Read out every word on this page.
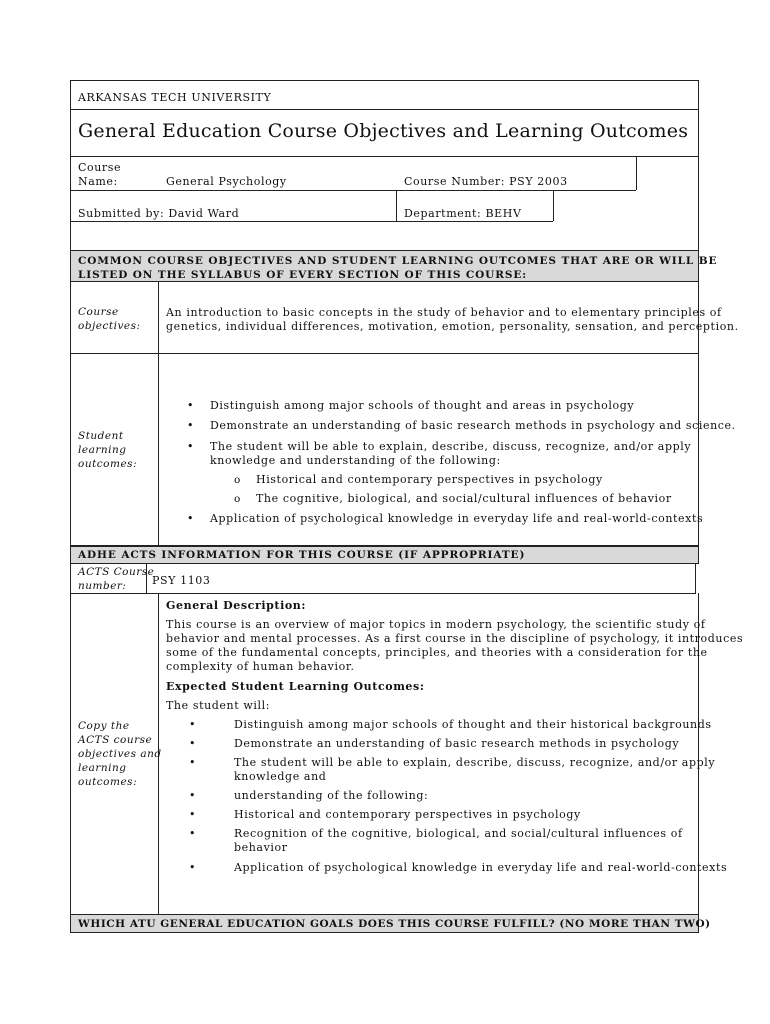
ARKANSAS TECH UNIVERSITY
General Education Course Objectives and Learning Outcomes
Course
Name:	General Psychology	Course Number: PSY 2003
Submitted by: David Ward	Department: BEHV
COMMON COURSE OBJECTIVES AND STUDENT LEARNING OUTCOMES THAT ARE OR WILL BE
LISTED ON THE SYLLABUS OF EVERY SECTION OF THIS COURSE:
Course
objectives:
An introduction to basic concepts in the study of behavior and to elementary principles of
genetics, individual differences, motivation, emotion, personality, sensation, and perception.
Student
learning
outcomes:
• Distinguish among major schools of thought and areas in psychology
• Demonstrate an understanding of basic research methods in psychology and science.
• The student will be able to explain, describe, discuss, recognize, and/or apply
knowledge and understanding of the following:
o Historical and contemporary perspectives in psychology
o The cognitive, biological, and social/cultural influences of behavior
• Application of psychological knowledge in everyday life and real-world-contexts
ADHE ACTS INFORMATION FOR THIS COURSE (IF APPROPRIATE)
ACTS Course
number: PSY 1103
Copy the
ACTS course
objectives and
learning
outcomes:
General Description:
This course is an overview of major topics in modern psychology, the scientific study of
behavior and mental processes. As a first course in the discipline of psychology, it introduces
some of the fundamental concepts, principles, and theories with a consideration for the
complexity of human behavior.
Expected Student Learning Outcomes:
The student will:
•	Distinguish among major schools of thought and their historical backgrounds
•	Demonstrate an understanding of basic research methods in psychology
•	The student will be able to explain, describe, discuss, recognize, and/or apply
knowledge and
•	understanding of the following:
•	Historical and contemporary perspectives in psychology
•	Recognition of the cognitive, biological, and social/cultural influences of
behavior
•	Application of psychological knowledge in everyday life and real-world-contexts
WHICH ATU GENERAL EDUCATION GOALS DOES THIS COURSE FULFILL? (NO MORE THAN TWO)
